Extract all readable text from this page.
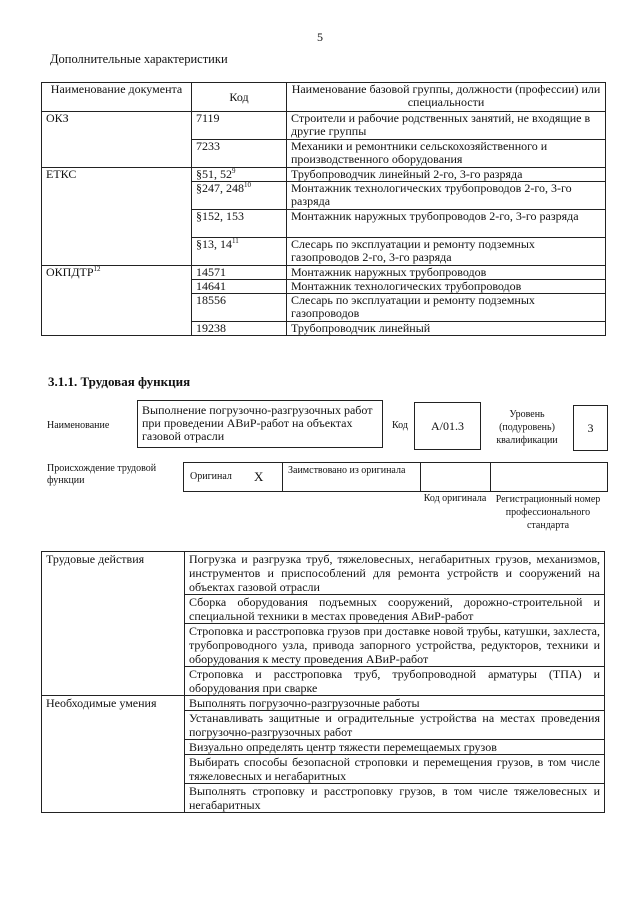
5
Дополнительные характеристики
Наименование документа	Код	Наименование базовой группы, должности (профессии) или специальности
ОКЗ	7119	Строители и рабочие родственных занятий, не входящие в другие группы
	7233	Механики и ремонтники сельскохозяйственного и производственного оборудования
ЕТКС	§51, $52^9$	Трубопроводчик линейный 2-го, 3-го разряда
	§247, $248^{10}$	Монтажник технологических трубопроводов 2-го, 3-го разряда
	§152, 153	Монтажник наружных трубопроводов 2-го, 3-го разряда
	§13, $14^{11}$	Слесарь по эксплуатации и ремонту подземных газопроводов 2-го, 3-го разряда
ОКПДТР$^{12}$	14571	Монтажник наружных трубопроводов
	14641	Монтажник технологических трубопроводов
	18556	Слесарь по эксплуатации и ремонту подземных газопроводов
	19238	Трубопроводчик линейный
3.1.1. Трудовая функция
Наименование
Выполнение погрузочно-разгрузочных работ при проведении АВиР-работ на объектах газовой отрасли
Код	А/01.3
Уровень (подуровень) квалификации
3
Происхождение трудовой функции	Оригинал X Заимствовано из оригинала
Код оригинала Регистрационный номер профессионального стандарта
Трудовые действия	Погрузка и разгрузка труб, тяжеловесных, негабаритных грузов, механизмов, инструментов и приспособлений для ремонта устройств и сооружений на объектах газовой отрасли
	Сборка оборудования подъемных сооружений, дорожно-строительной и специальной техники в местах проведения АВиР-работ
	Строповка и расстроповка грузов при доставке новой трубы, катушки, захлеста, трубопроводного узла, привода запорного устройства, редукторов, техники и оборудования к месту проведения АВиР-работ
	Строповка и расстроповка труб, трубопроводной арматуры (ТПА) и оборудования при сварке
Необходимые умения	Выполнять погрузочно-разгрузочные работы
	Устанавливать защитные и оградительные устройства на местах проведения погрузочно-разгрузочных работ
	Визуально определять центр тяжести перемещаемых грузов
	Выбирать способы безопасной строповки и перемещения грузов, в том числе тяжеловесных и негабаритных
	Выполнять строповку и расстроповку грузов, в том числе тяжеловесных и негабаритных
